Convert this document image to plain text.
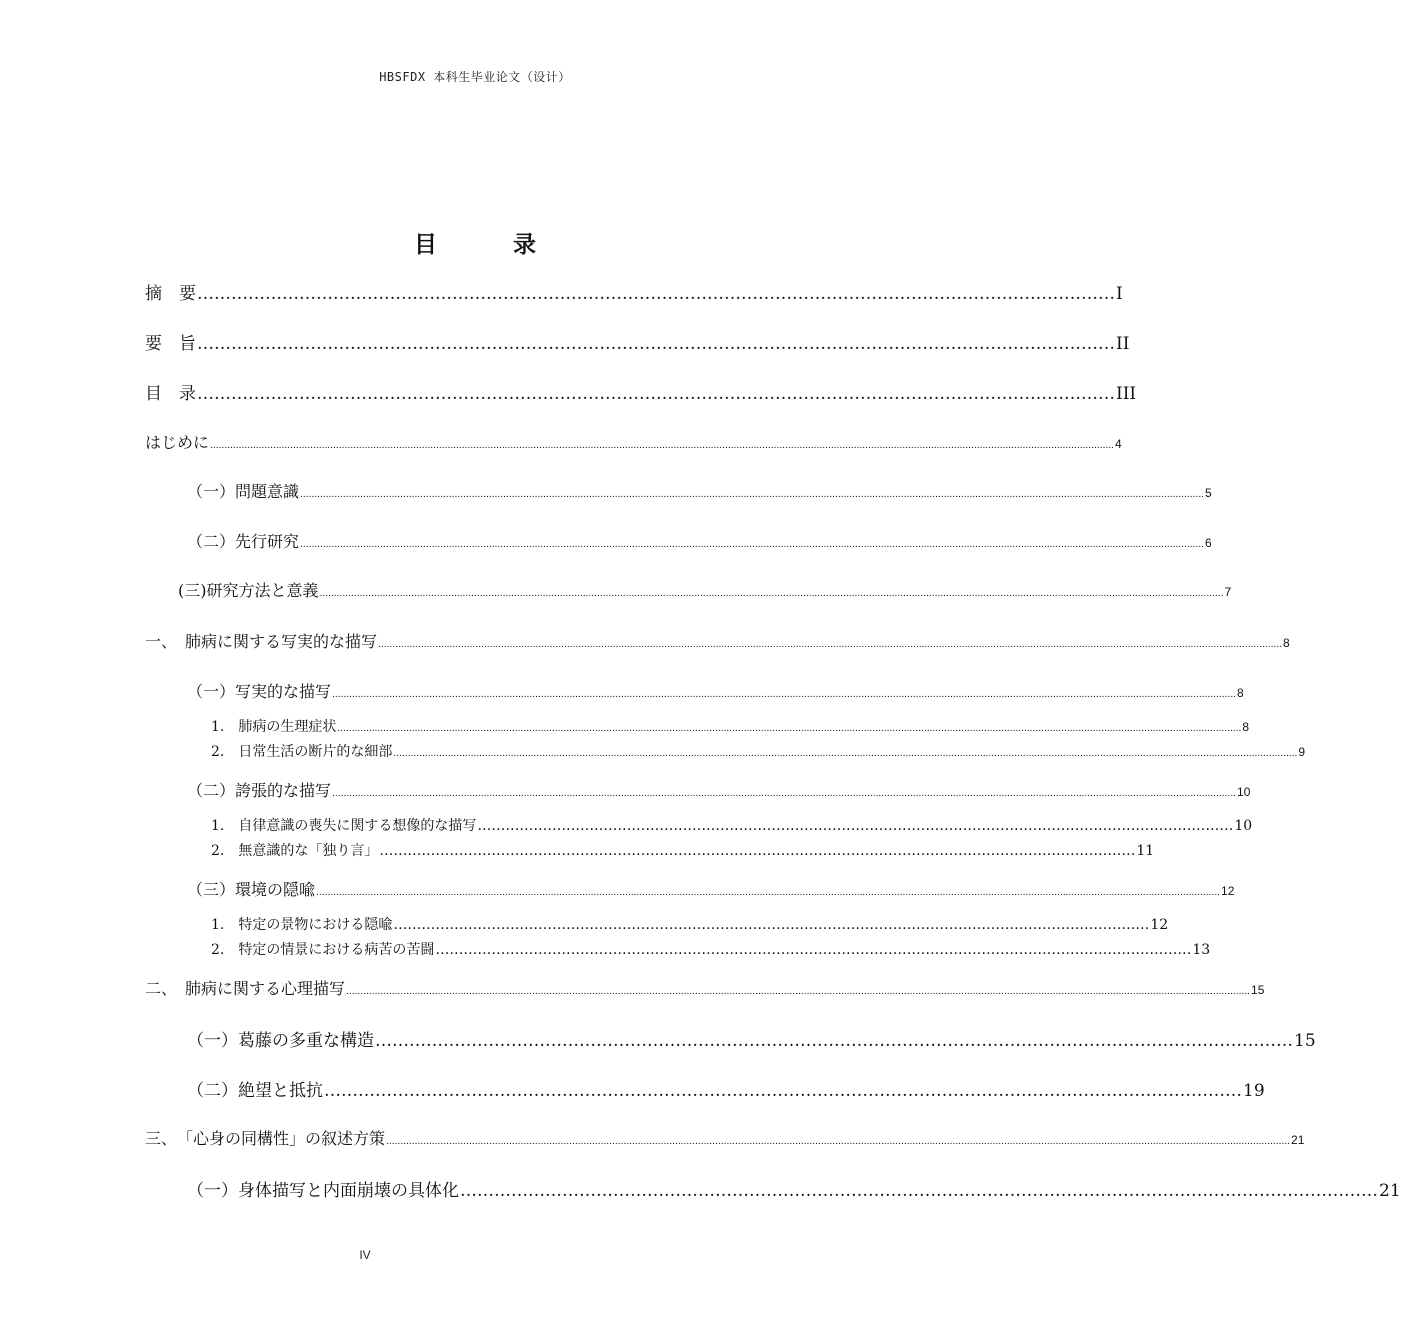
HBSFDX 本科生毕业论文（设计）
目 录
摘　要 ……………………………………………………………………………………………………………………………………………… I
要　旨 ……………………………………………………………………………………………………………………………………………… II
目　录 ……………………………………………………………………………………………………………………………………………… III
はじめに ............................................................................................................................................................................................................................................................................................................................ 4
（一）問題意識 ............................................................................................................................................................................................................................................................................................................................ 5
（二）先行研究 ............................................................................................................................................................................................................................................................................................................................ 6
(三)研究方法と意義 ............................................................................................................................................................................................................................................................................................................................ 7
一、　肺病に関する写実的な描写 ............................................................................................................................................................................................................................................................................................................................ 8
（一）写実的な描写 ............................................................................................................................................................................................................................................................................................................................ 8
1.　肺病の生理症状 ............................................................................................................................................................................................................................................................................................................................ 8
2.　日常生活の断片的な細部 ............................................................................................................................................................................................................................................................................................................................ 9
（二）誇張的な描写 ............................................................................................................................................................................................................................................................................................................................ 10
1.　自律意識の喪失に関する想像的な描写 ……………………………………………………………………………………………………………………………………………… 10
2.　無意識的な「独り言」 ……………………………………………………………………………………………………………………………………………… 11
（三）環境の隠喩 ............................................................................................................................................................................................................................................................................................................................ 12
1.　特定の景物における隠喩 ……………………………………………………………………………………………………………………………………………… 12
2.　特定の情景における病苦の苦闘 ……………………………………………………………………………………………………………………………………………… 13
二、　肺病に関する心理描写 ............................................................................................................................................................................................................................................................................................................................ 15
（一）葛藤の多重な構造 ……………………………………………………………………………………………………………………………………………… 15
（二）絶望と抵抗 ……………………………………………………………………………………………………………………………………………… 19
三、　「心身の同構性」の叙述方策 ............................................................................................................................................................................................................................................................................................................................ 21
（一）身体描写と内面崩壊の具体化 ……………………………………………………………………………………………………………………………………………… 21
IV
